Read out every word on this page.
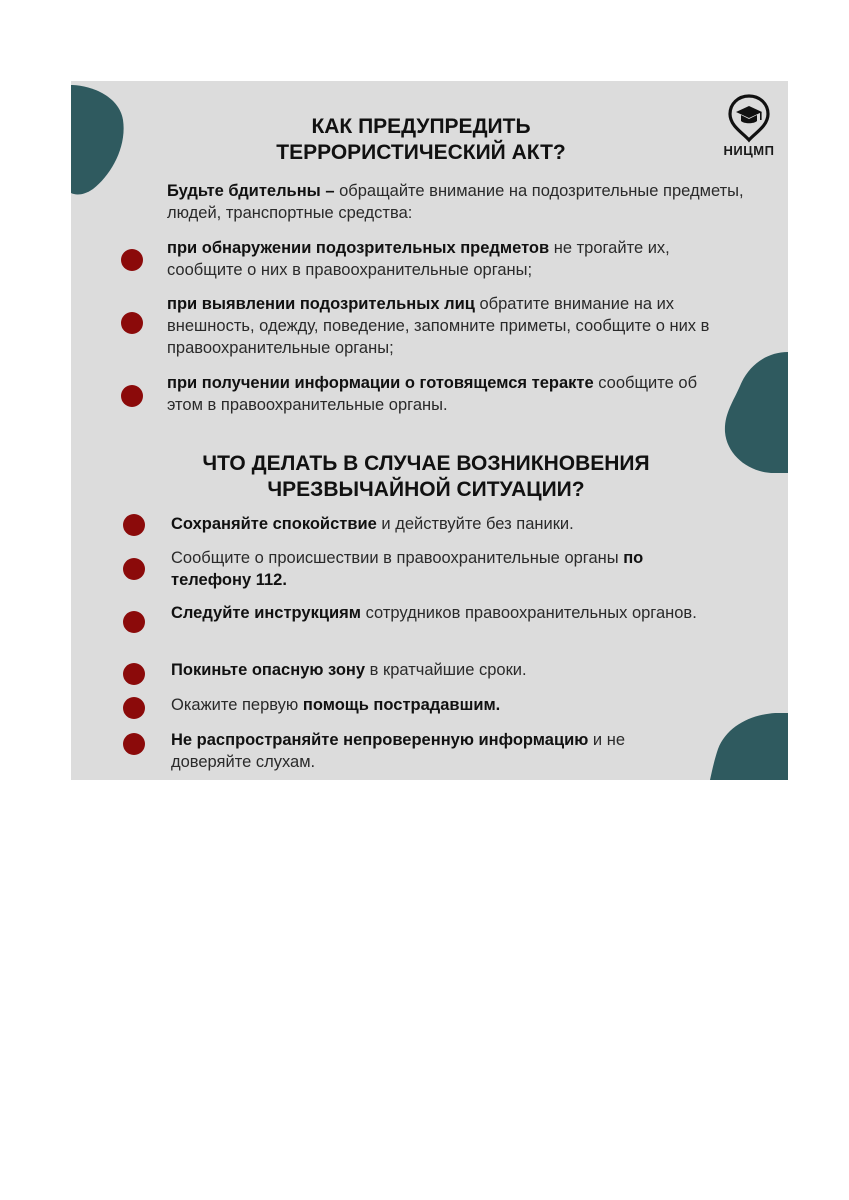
НИЦМП
КАК ПРЕДУПРЕДИТЬ
ТЕРРОРИСТИЧЕСКИЙ АКТ?

Будьте бдительны – обращайте внимание на подозрительные предметы, людей, транспортные средства:

при обнаружении подозрительных предметов не трогайте их, сообщите о них в правоохранительные органы;

при выявлении подозрительных лиц обратите внимание на их внешность, одежду, поведение, запомните приметы, сообщите о них в правоохранительные органы;

при получении информации о готовящемся теракте сообщите об этом в правоохранительные органы.

ЧТО ДЕЛАТЬ В СЛУЧАЕ ВОЗНИКНОВЕНИЯ
ЧРЕЗВЫЧАЙНОЙ СИТУАЦИИ?

Сохраняйте спокойствие и действуйте без паники.

Сообщите о происшествии в правоохранительные органы по телефону 112.

Следуйте инструкциям сотрудников правоохранительных органов.

Покиньте опасную зону в кратчайшие сроки.

Окажите первую помощь пострадавшим.

Не распространяйте непроверенную информацию и не доверяйте слухам.
